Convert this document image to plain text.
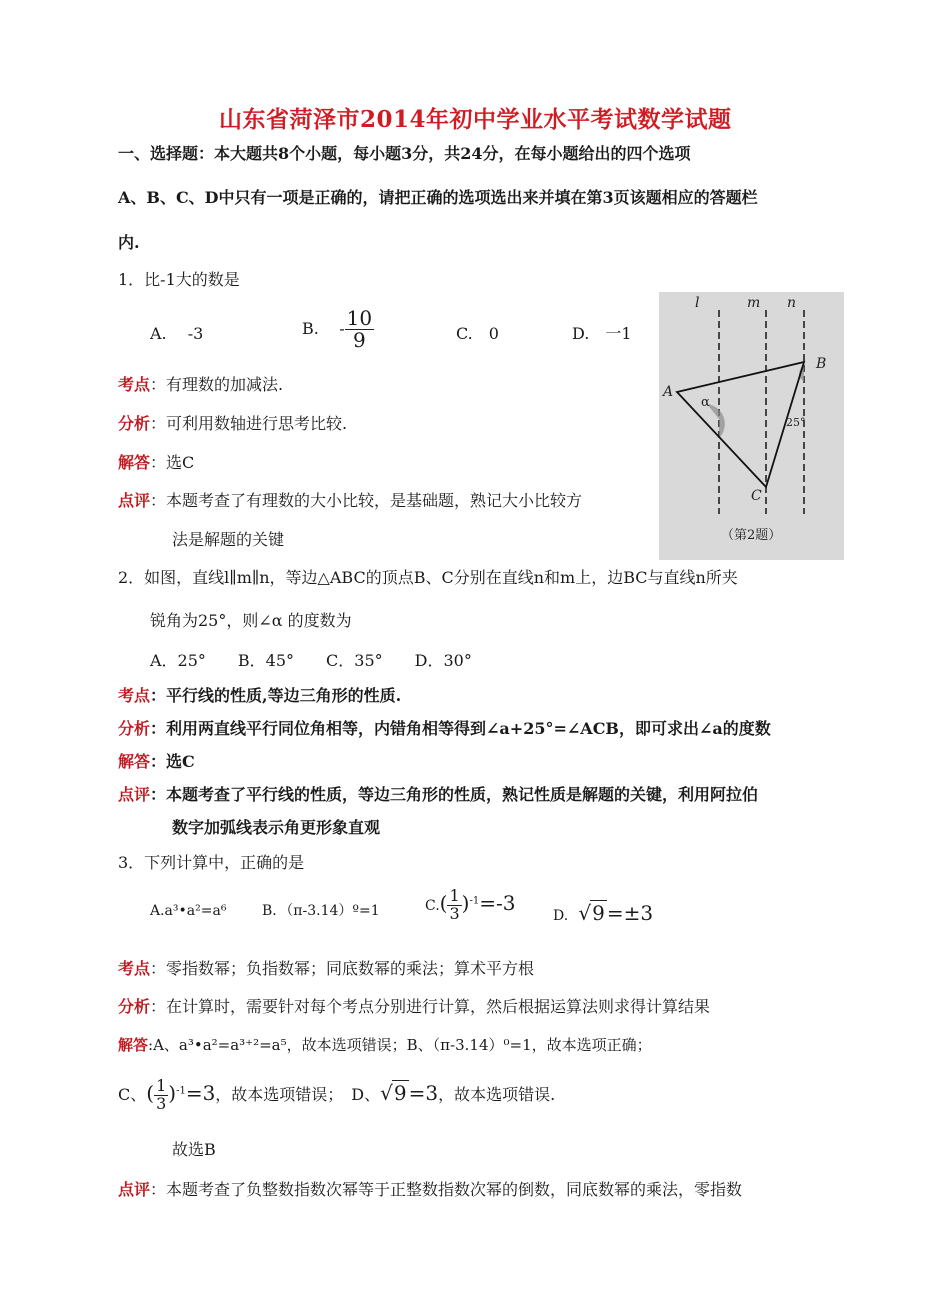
山东省菏泽市2014年初中学业水平考试数学试题
一、选择题：本大题共8个小题，每小题3分，共24分，在每小题给出的四个选项
A、B、C、D中只有一项是正确的，请把正确的选项选出来并填在第3页该题相应的答题栏
内.
1．比-1大的数是
A.　 -3	B. - $\frac{10}{9}$	C.　0	D.　一1
考点：有理数的加减法.
分析：可利用数轴进行思考比较.
解答：选C
点评：本题考查了有理数的大小比较，是基础题，熟记大小比较方
法是解题的关键
l	m n
A
B
C
α
25°
（第2题）
2．如图，直线l∥m∥n，等边△ABC的顶点B、C分别在直线n和m上，边BC与直线n所夹
锐角为25°，则∠α 的度数为
A．25°　　B．45°　　C．35°　　D．30°
考点：平行线的性质,等边三角形的性质.
分析：利用两直线平行同位角相等，内错角相等得到∠a+25°=∠ACB，即可求出∠a的度数
解答：选C
点评：本题考查了平行线的性质，等边三角形的性质，熟记性质是解题的关键，利用阿拉伯
数字加弧线表示角更形象直观
3．下列计算中，正确的是
A.a³•a²=a⁶	B．（π-3.14）º=1	$C.( \frac{1}{3} )^{-1}=-3$
D. √9 =±3
考点：零指数幂；负指数幂；同底数幂的乘法；算术平方根
分析：在计算时，需要针对每个考点分别进行计算，然后根据运算法则求得计算结果
解答:A、a³•a²=a³⁺²=a⁵，故本选项错误；B、（π-3.14）⁰=1，故本选项正确；
C、( $\frac{1}{3} )^{-1}=3$，故本选项错误；　D、√9 =3，故本选项错误.
故选B
点评：本题考查了负整数指数次幂等于正整数指数次幂的倒数，同底数幂的乘法，零指数
